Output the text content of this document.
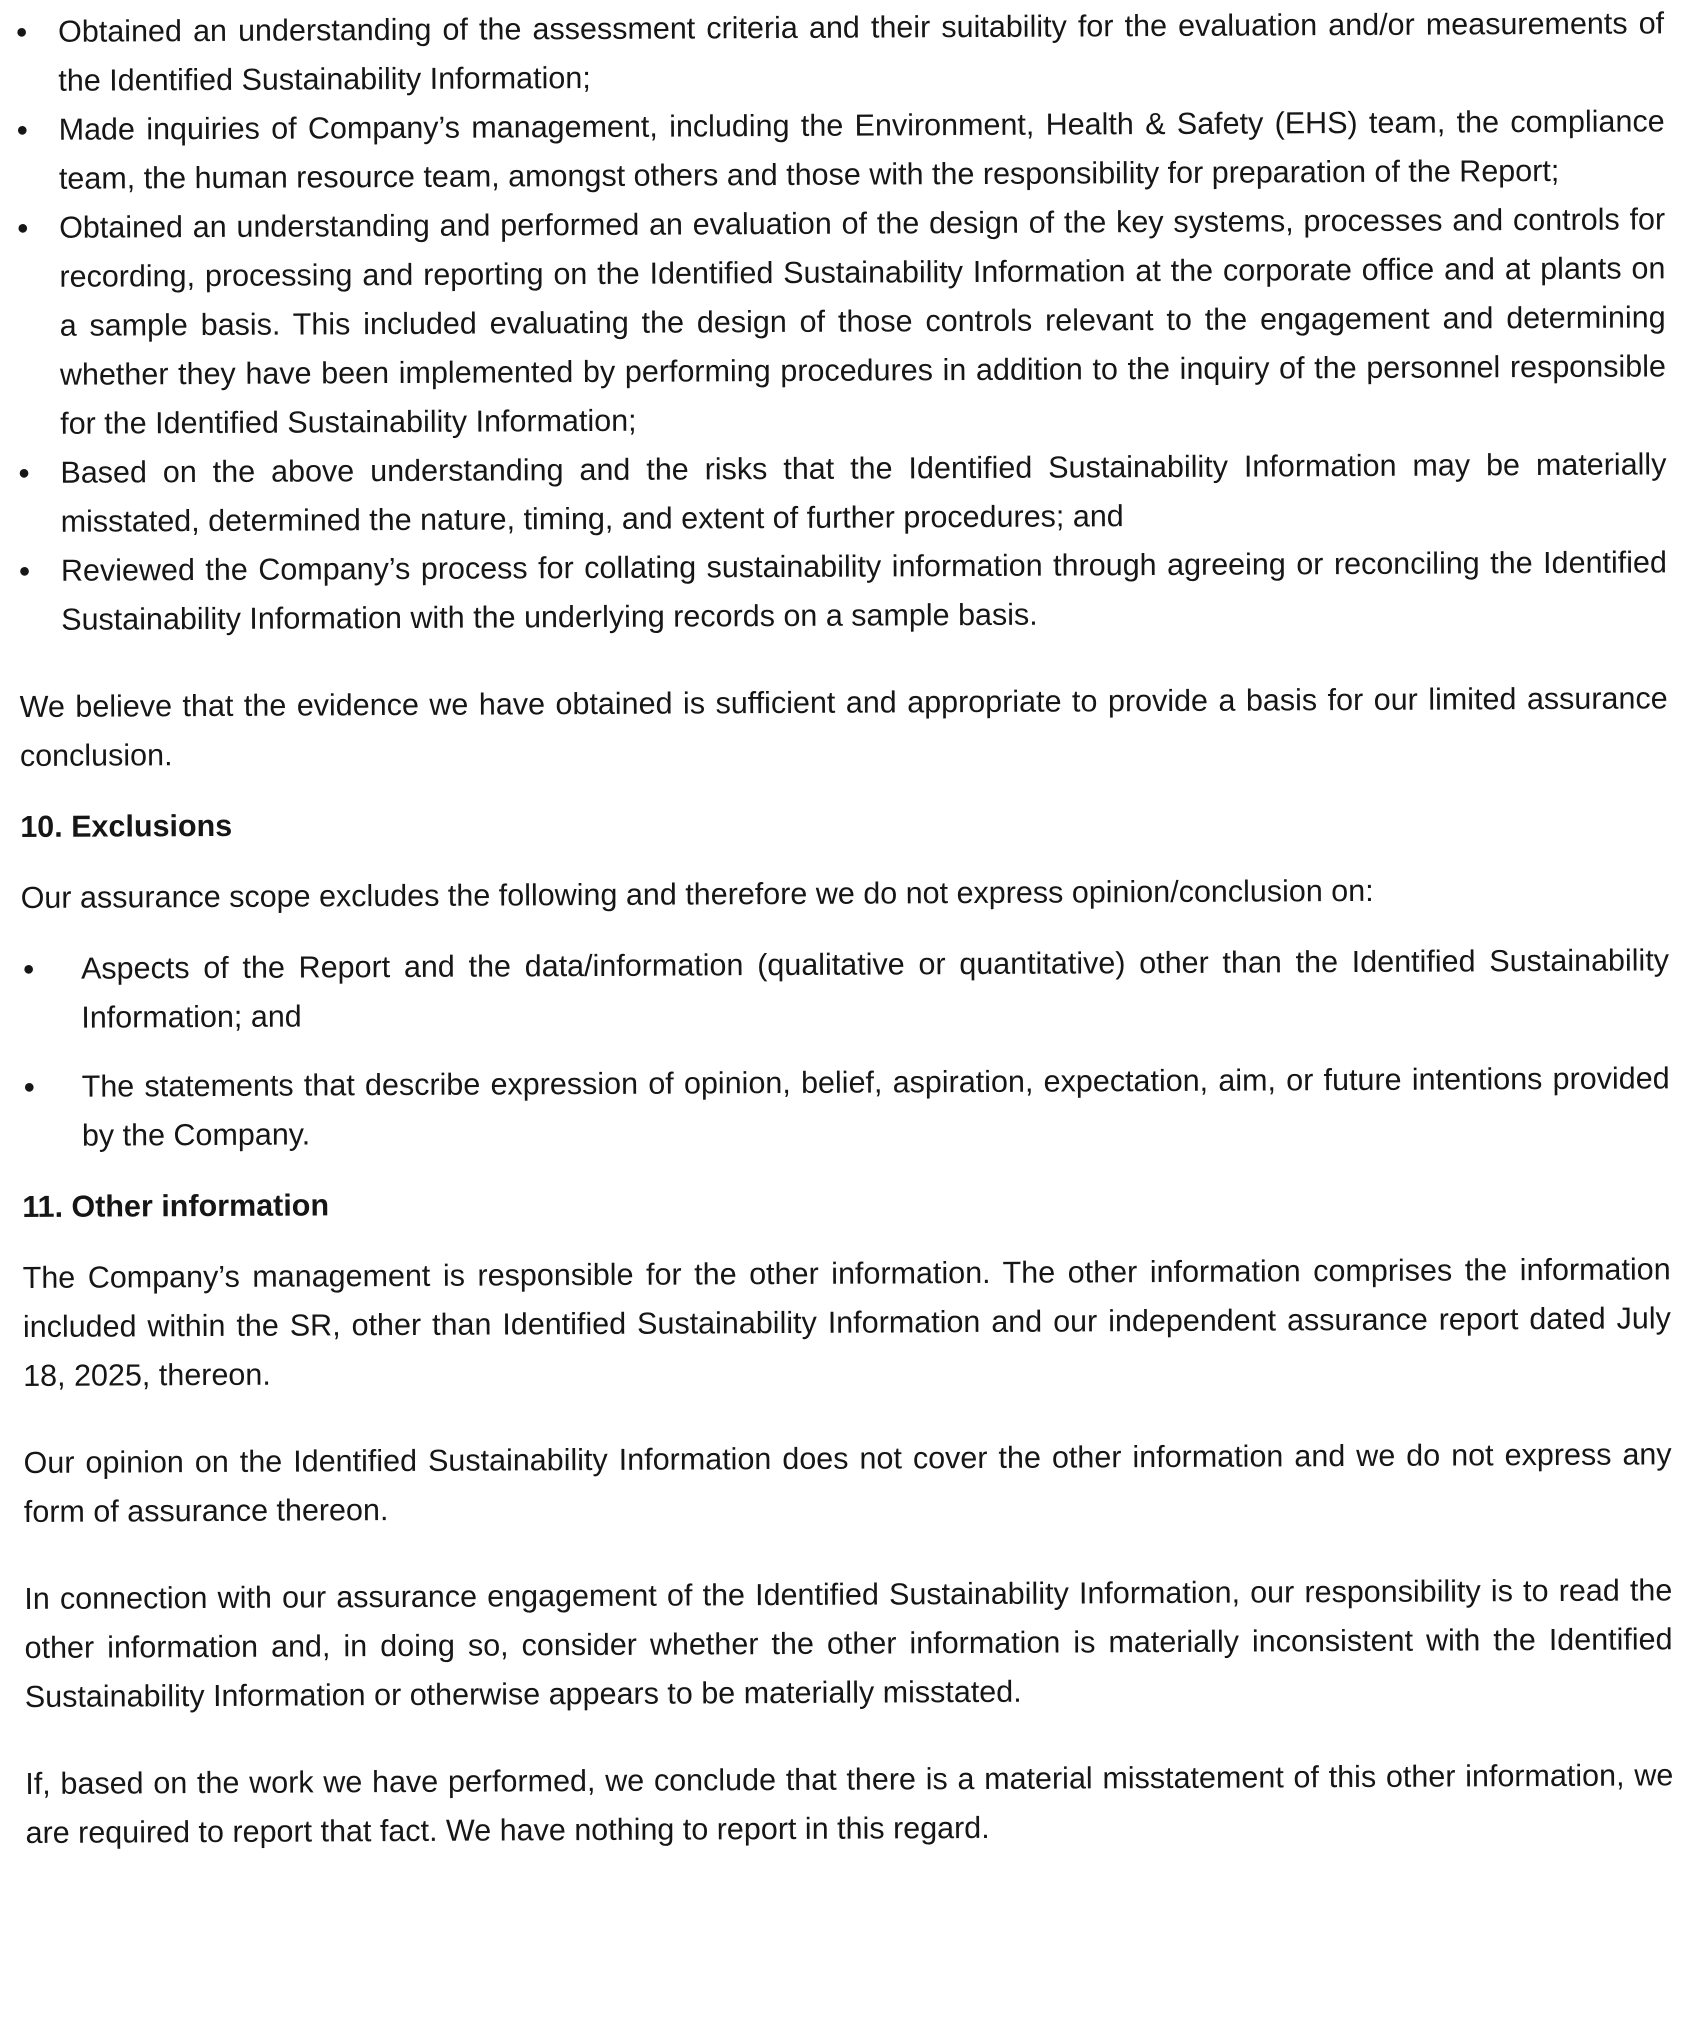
• Obtained an understanding of the assessment criteria and their suitability for the evaluation and/or measurements of the Identified Sustainability Information;
• Made inquiries of Company’s management, including the Environment, Health & Safety (EHS) team, the compliance team, the human resource team, amongst others and those with the responsibility for preparation of the Report;
• Obtained an understanding and performed an evaluation of the design of the key systems, processes and controls for recording, processing and reporting on the Identified Sustainability Information at the corporate office and at plants on a sample basis. This included evaluating the design of those controls relevant to the engagement and determining whether they have been implemented by performing procedures in addition to the inquiry of the personnel responsible for the Identified Sustainability Information;
• Based on the above understanding and the risks that the Identified Sustainability Information may be materially misstated, determined the nature, timing, and extent of further procedures; and
• Reviewed the Company’s process for collating sustainability information through agreeing or reconciling the Identified Sustainability Information with the underlying records on a sample basis.

We believe that the evidence we have obtained is sufficient and appropriate to provide a basis for our limited assurance conclusion.

10. Exclusions

Our assurance scope excludes the following and therefore we do not express opinion/conclusion on:

• Aspects of the Report and the data/information (qualitative or quantitative) other than the Identified Sustainability Information; and
• The statements that describe expression of opinion, belief, aspiration, expectation, aim, or future intentions provided by the Company.
11. Other information

The Company’s management is responsible for the other information. The other information comprises the information included within the SR, other than Identified Sustainability Information and our independent assurance report dated July 18, 2025, thereon.

Our opinion on the Identified Sustainability Information does not cover the other information and we do not express any form of assurance thereon.

In connection with our assurance engagement of the Identified Sustainability Information, our responsibility is to read the other information and, in doing so, consider whether the other information is materially inconsistent with the Identified Sustainability Information or otherwise appears to be materially misstated.

If, based on the work we have performed, we conclude that there is a material misstatement of this other information, we are required to report that fact. We have nothing to report in this regard.
